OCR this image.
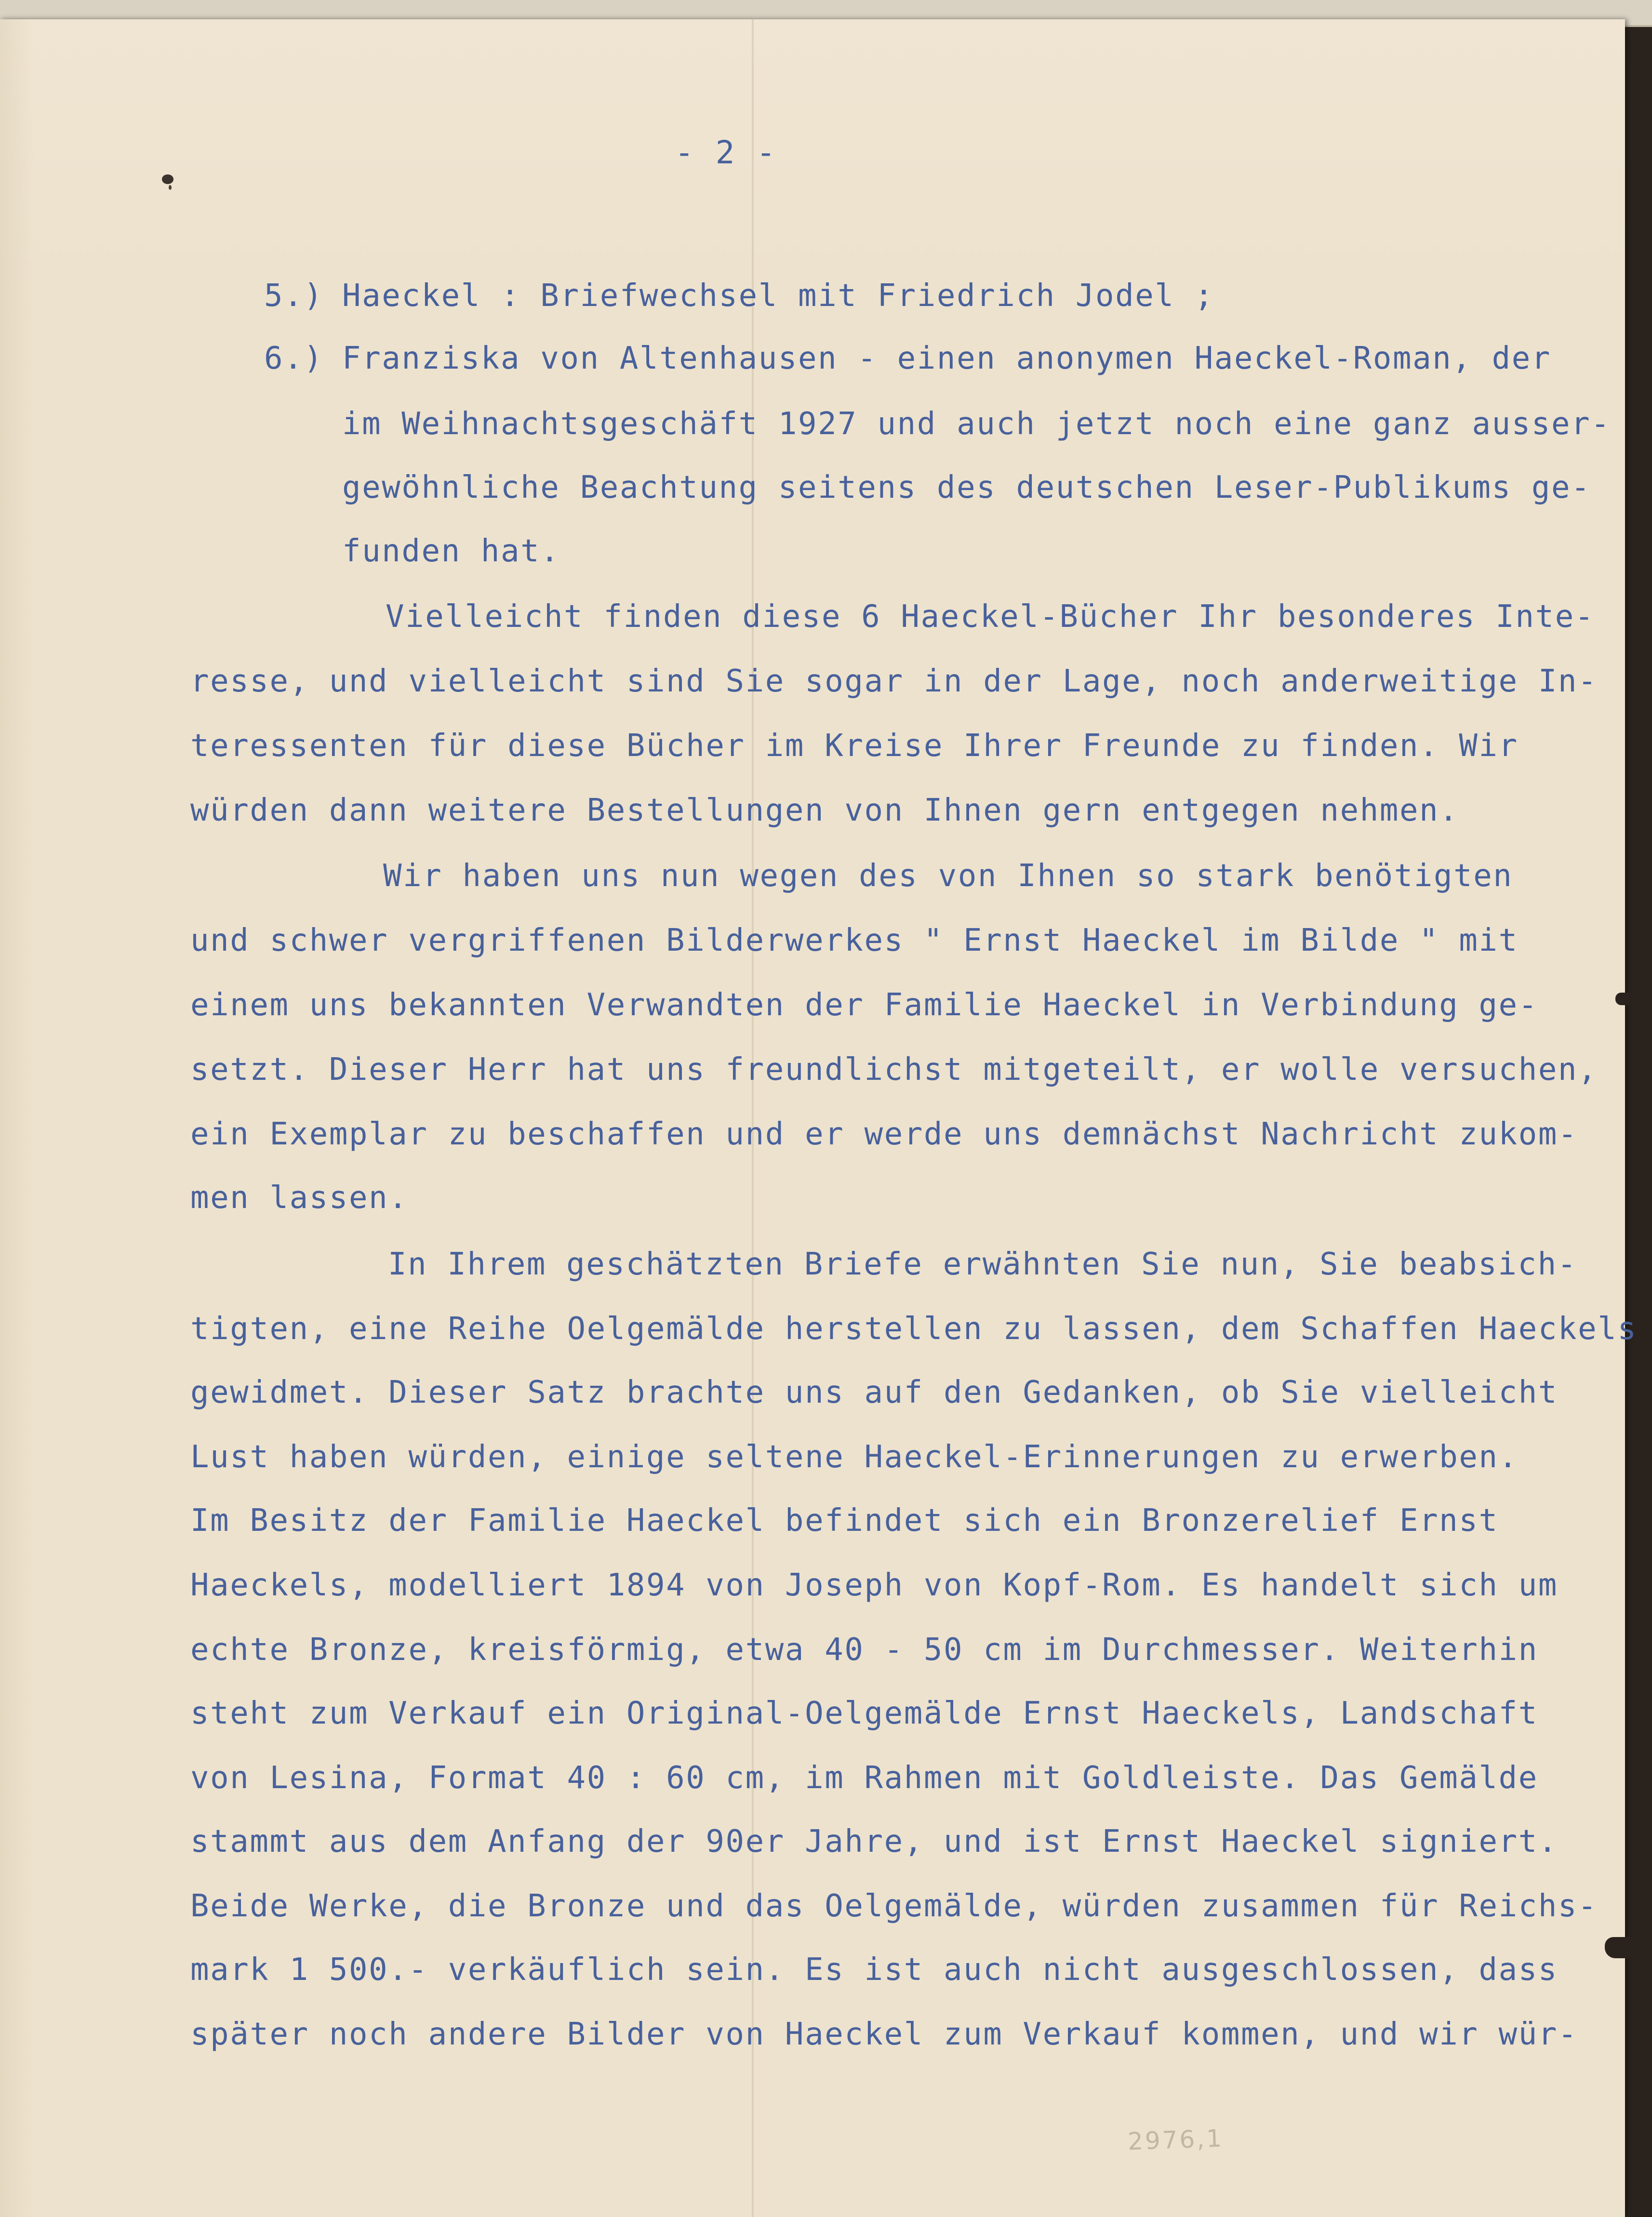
- 2 -
5.) Haeckel : Briefwechsel mit Friedrich Jodel ;
6.) Franziska von Altenhausen - einen anonymen Haeckel-Roman, der
im Weihnachtsgeschäft 1927 und auch jetzt noch eine ganz ausser-
gewöhnliche Beachtung seitens des deutschen Leser-Publikums ge-
funden hat.
Vielleicht finden diese 6 Haeckel-Bücher Ihr besonderes Inte-
resse, und vielleicht sind Sie sogar in der Lage, noch anderweitige In-
teressenten für diese Bücher im Kreise Ihrer Freunde zu finden. Wir
würden dann weitere Bestellungen von Ihnen gern entgegen nehmen.
Wir haben uns nun wegen des von Ihnen so stark benötigten
und schwer vergriffenen Bilderwerkes " Ernst Haeckel im Bilde " mit
einem uns bekannten Verwandten der Familie Haeckel in Verbindung ge-
setzt. Dieser Herr hat uns freundlichst mitgeteilt, er wolle versuchen,
ein Exemplar zu beschaffen und er werde uns demnächst Nachricht zukom-
men lassen.
In Ihrem geschätzten Briefe erwähnten Sie nun, Sie beabsich-
tigten, eine Reihe Oelgemälde herstellen zu lassen, dem Schaffen Haeckels
gewidmet. Dieser Satz brachte uns auf den Gedanken, ob Sie vielleicht
Lust haben würden, einige seltene Haeckel-Erinnerungen zu erwerben.
Im Besitz der Familie Haeckel befindet sich ein Bronzerelief Ernst
Haeckels, modelliert 1894 von Joseph von Kopf-Rom. Es handelt sich um
echte Bronze, kreisförmig, etwa 40 - 50 cm im Durchmesser. Weiterhin
steht zum Verkauf ein Original-Oelgemälde Ernst Haeckels, Landschaft
von Lesina, Format 40 : 60 cm, im Rahmen mit Goldleiste. Das Gemälde
stammt aus dem Anfang der 90er Jahre, und ist Ernst Haeckel signiert.
Beide Werke, die Bronze und das Oelgemälde, würden zusammen für Reichs-
mark 1 500.- verkäuflich sein. Es ist auch nicht ausgeschlossen, dass
später noch andere Bilder von Haeckel zum Verkauf kommen, und wir wür-
2976,1
